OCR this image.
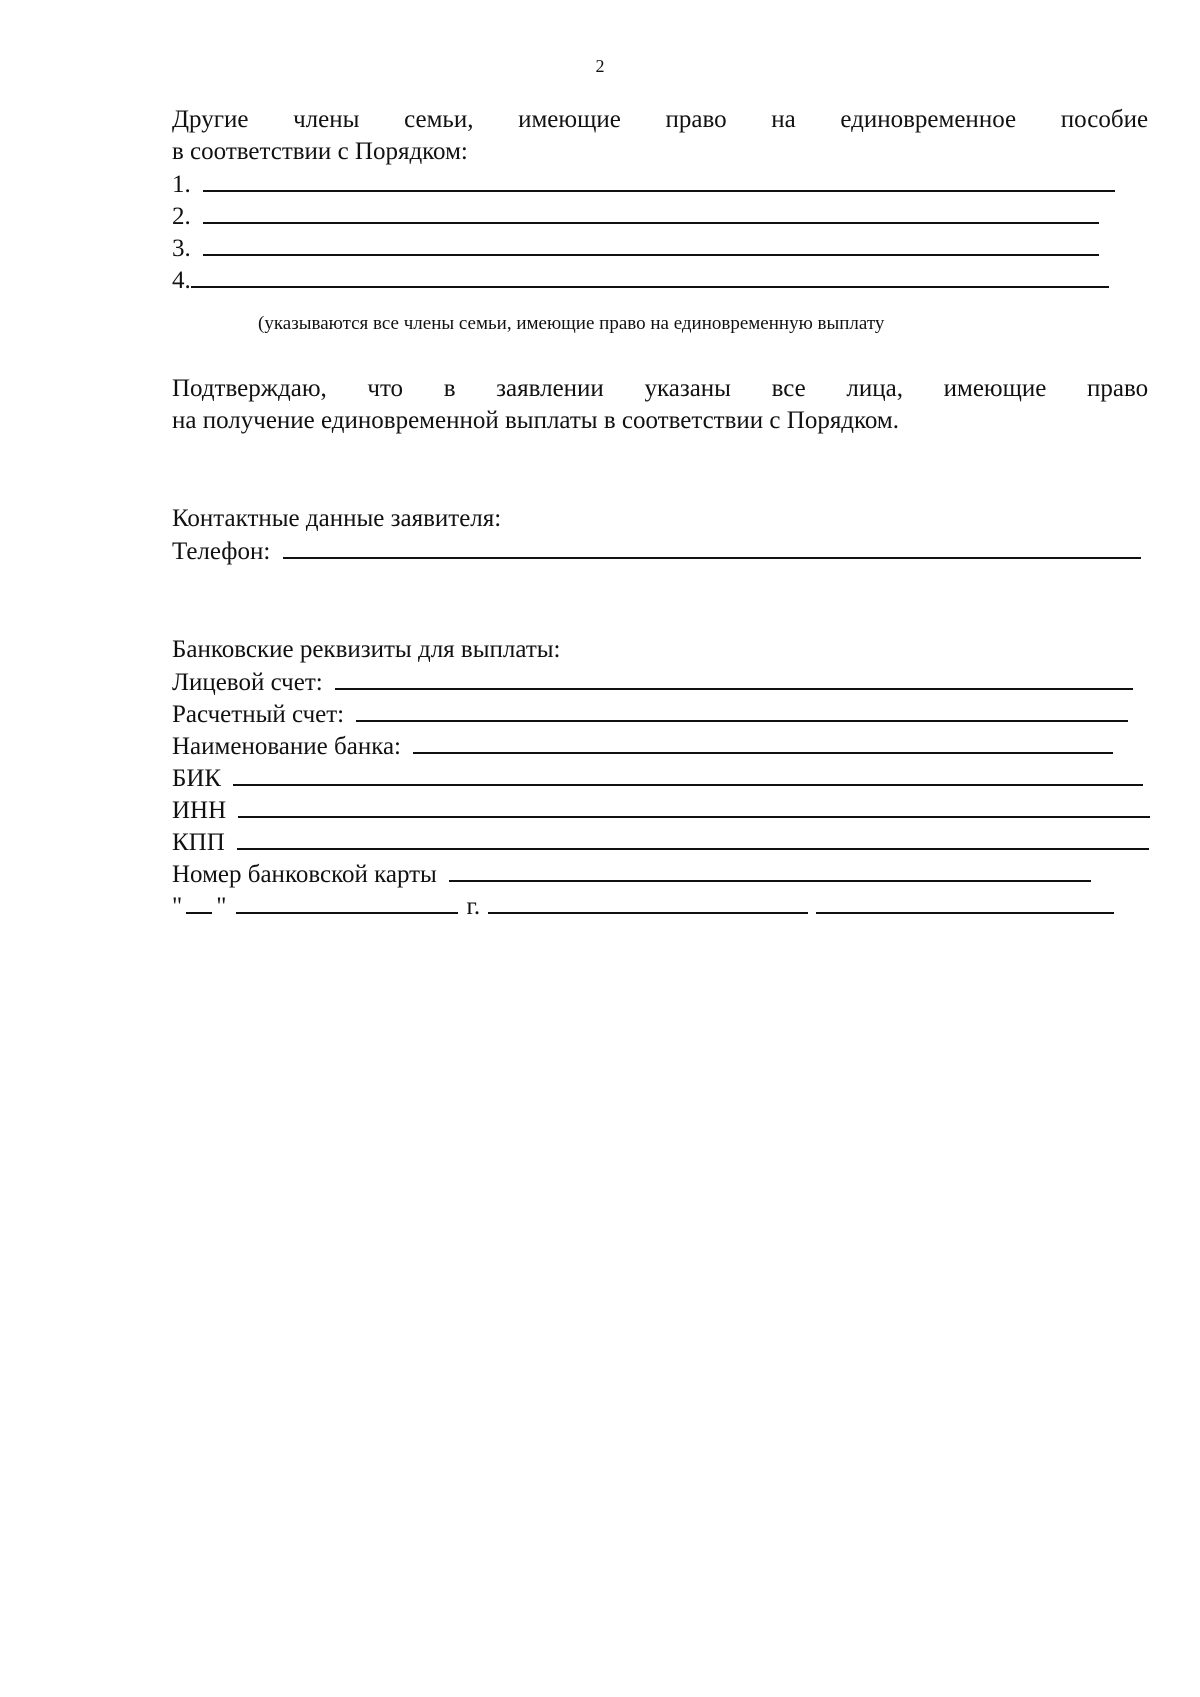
2
Другие члены семьи, имеющие право на единовременное пособие
в соответствии с Порядком:
1.
2.
3.
4.
(указываются все члены семьи, имеющие право на единовременную выплату
Подтверждаю, что в заявлении указаны все лица, имеющие право
на получение единовременной выплаты в соответствии с Порядком.
Контактные данные заявителя:
Телефон:
Банковские реквизиты для выплаты:
Лицевой счет:
Расчетный счет:
Наименование банка:
БИК
ИНН
КПП
Номер банковской карты
" "	г.
